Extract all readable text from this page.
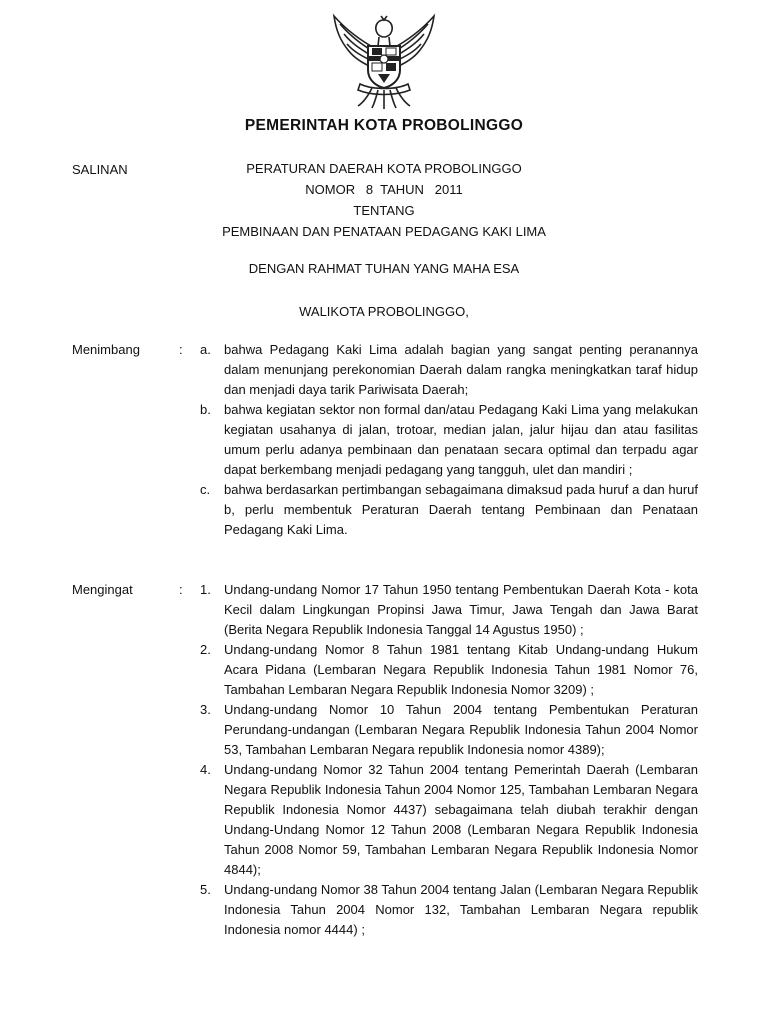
PEMERINTAH KOTA PROBOLINGGO
SALINAN	PERATURAN DAERAH KOTA PROBOLINGGO
NOMOR   8  TAHUN   2011
TENTANG
PEMBINAAN DAN PENATAAN PEDAGANG KAKI LIMA
DENGAN RAHMAT TUHAN YANG MAHA ESA
WALIKOTA PROBOLINGGO,
Menimbang	: a. bahwa Pedagang Kaki Lima adalah bagian yang sangat penting peranannya dalam menunjang perekonomian Daerah dalam rangka meningkatkan taraf hidup dan menjadi daya tarik Pariwisata Daerah;
b. bahwa kegiatan sektor non formal dan/atau Pedagang Kaki Lima yang melakukan kegiatan usahanya di jalan, trotoar, median jalan, jalur hijau dan atau fasilitas umum perlu adanya pembinaan dan penataan secara optimal dan terpadu agar dapat berkembang menjadi pedagang yang tangguh, ulet dan mandiri ;
c. bahwa berdasarkan pertimbangan sebagaimana dimaksud pada huruf a dan huruf b, perlu membentuk Peraturan Daerah tentang Pembinaan dan Penataan Pedagang Kaki Lima.
Mengingat	: 1. Undang-undang Nomor 17 Tahun 1950 tentang Pembentukan Daerah Kota - kota Kecil dalam Lingkungan Propinsi Jawa Timur, Jawa Tengah dan Jawa Barat (Berita Negara Republik Indonesia Tanggal 14 Agustus 1950) ;
2. Undang-undang Nomor 8 Tahun 1981 tentang Kitab Undang-undang Hukum Acara Pidana (Lembaran Negara Republik Indonesia Tahun 1981 Nomor 76, Tambahan Lembaran Negara Republik Indonesia Nomor 3209) ;
3. Undang-undang Nomor 10 Tahun 2004 tentang Pembentukan Peraturan Perundang-undangan (Lembaran Negara Republik Indonesia Tahun 2004 Nomor 53, Tambahan Lembaran Negara republik Indonesia nomor 4389);
4. Undang-undang Nomor 32 Tahun 2004 tentang Pemerintah Daerah (Lembaran Negara Republik Indonesia Tahun 2004 Nomor 125, Tambahan Lembaran Negara Republik Indonesia Nomor 4437) sebagaimana telah diubah terakhir dengan Undang-Undang Nomor 12 Tahun 2008 (Lembaran Negara Republik Indonesia Tahun 2008 Nomor 59, Tambahan Lembaran Negara Republik Indonesia Nomor 4844);
5. Undang-undang Nomor 38 Tahun 2004 tentang Jalan (Lembaran Negara Republik Indonesia Tahun 2004 Nomor 132, Tambahan Lembaran Negara republik Indonesia nomor 4444) ;
